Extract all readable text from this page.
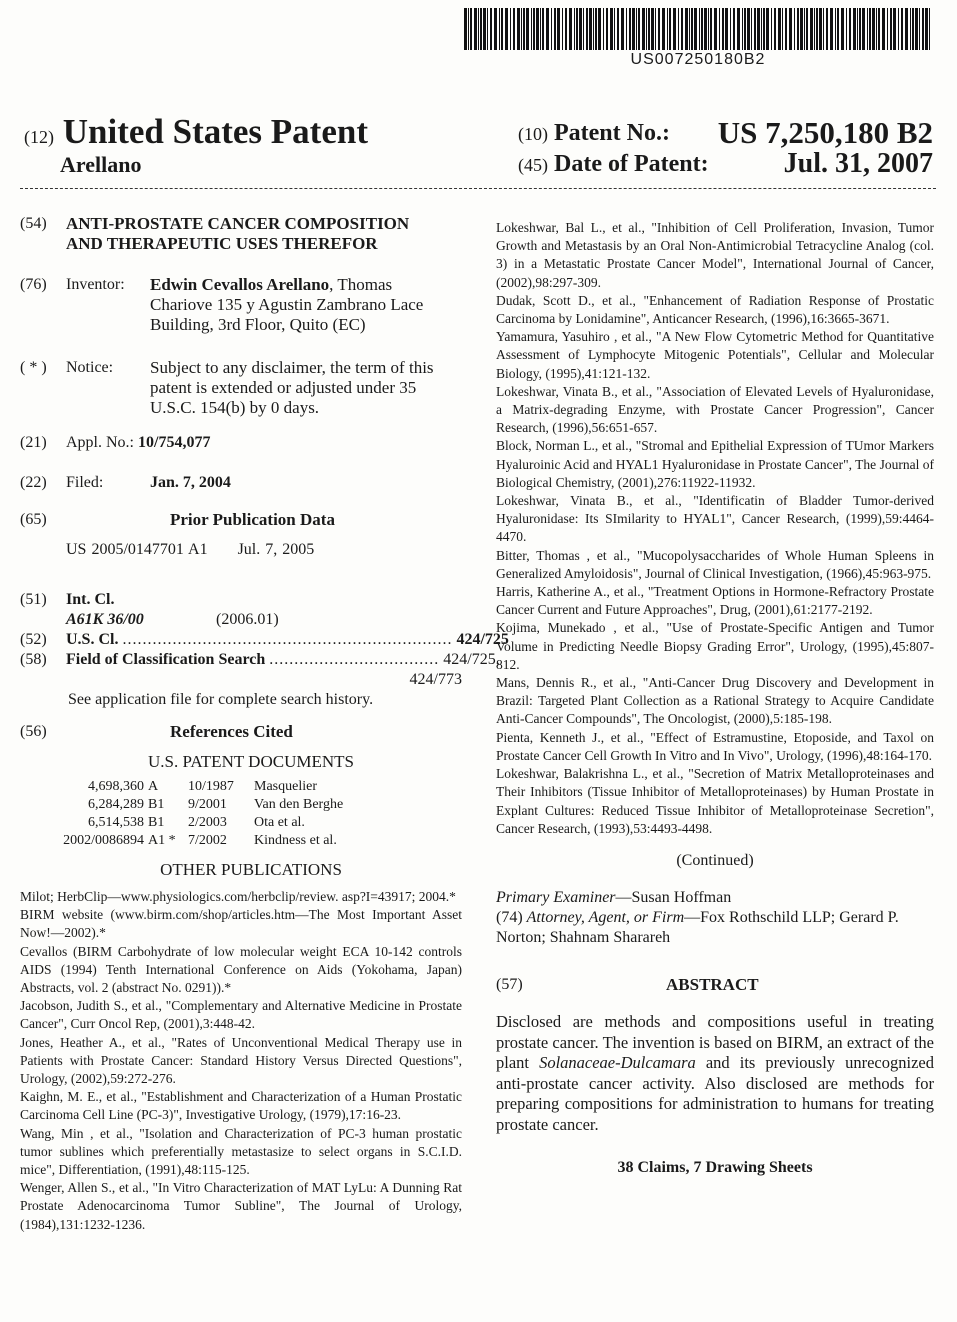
US007250180B2
(12) United States Patent
Arellano
(10) Patent No.: US 7,250,180 B2
(45) Date of Patent:	Jul. 31, 2007
(54)	ANTI-PROSTATE CANCER COMPOSITION
AND THERAPEUTIC USES THEREFOR
(76)	Inventor: Edwin Cevallos Arellano, Thomas
Chariove 135 y Agustin Zambrano Lace
Building, 3rd Floor, Quito (EC)
( * )	Notice: Subject to any disclaimer, the term of this
patent is extended or adjusted under 35
U.S.C. 154(b) by 0 days.
(21)	Appl. No.: 10/754,077
(22)	Filed:	Jan. 7, 2004
(65)	Prior Publication Data
US 2005/0147701 A1 Jul. 7, 2005
(51)	Int. Cl.
A61K 36/00	(2006.01)
(52)	U.S. Cl. .................................................................. 424/725
(58)	Field of Classification Search .................................. 424/725,
424/773
See application file for complete search history.
(56)	References Cited
U.S. PATENT DOCUMENTS
4,698,360 A	10/1987	Masquelier
6,284,289 B1	9/2001	Van den Berghe
6,514,538 B1	2/2003	Ota et al.
2002/0086894 A1 * 7/2002	Kindness et al.
OTHER PUBLICATIONS
Milot; HerbClip—www.physiologics.com/herbclip/review. asp?I=43917; 2004.*
BIRM website (www.birm.com/shop/articles.htm—The Most Important Asset Now!—2002).*
Cevallos (BIRM Carbohydrate of low molecular weight ECA 10-142 controls AIDS (1994) Tenth International Conference on Aids (Yokohama, Japan) Abstracts, vol. 2 (abstract No. 0291)).*
Jacobson, Judith S., et al., "Complementary and Alternative Medicine in Prostate Cancer", Curr Oncol Rep, (2001),3:448-42.
Jones, Heather A., et al., "Rates of Unconventional Medical Therapy use in Patients with Prostate Cancer: Standard History Versus Directed Questions", Urology, (2002),59:272-276.
Kaighn, M. E., et al., "Establishment and Characterization of a Human Prostatic Carcinoma Cell Line (PC-3)", Investigative Urology, (1979),17:16-23.
Wang, Min , et al., "Isolation and Characterization of PC-3 human prostatic tumor sublines which preferentially metastasize to select organs in S.C.I.D. mice", Differentiation, (1991),48:115-125.
Wenger, Allen S., et al., "In Vitro Characterization of MAT LyLu: A Dunning Rat Prostate Adenocarcinoma Tumor Subline", The Journal of Urology, (1984),131:1232-1236.
Lokeshwar, Bal L., et al., "Inhibition of Cell Proliferation, Invasion, Tumor Growth and Metastasis by an Oral Non-Antimicrobial Tetracycline Analog (col. 3) in a Metastatic Prostate Cancer Model", International Journal of Cancer, (2002),98:297-309.
Dudak, Scott D., et al., "Enhancement of Radiation Response of Prostatic Carcinoma by Lonidamine", Anticancer Research, (1996),16:3665-3671.
Yamamura, Yasuhiro , et al., "A New Flow Cytometric Method for Quantitative Assessment of Lymphocyte Mitogenic Potentials", Cellular and Molecular Biology, (1995),41:121-132.
Lokeshwar, Vinata B., et al., "Association of Elevated Levels of Hyaluronidase, a Matrix-degrading Enzyme, with Prostate Cancer Progression", Cancer Research, (1996),56:651-657.
Block, Norman L., et al., "Stromal and Epithelial Expression of TUmor Markers Hyaluroinic Acid and HYAL1 Hyaluronidase in Prostate Cancer", The Journal of Biological Chemistry, (2001),276:11922-11932.
Lokeshwar, Vinata B., et al., "Identificatin of Bladder Tumor-derived Hyaluronidase: Its SImilarity to HYAL1", Cancer Research, (1999),59:4464-4470.
Bitter, Thomas , et al., "Mucopolysaccharides of Whole Human Spleens in Generalized Amyloidosis", Journal of Clinical Investigation, (1966),45:963-975.
Harris, Katherine A., et al., "Treatment Options in Hormone-Refractory Prostate Cancer Current and Future Approaches", Drug, (2001),61:2177-2192.
Kojima, Munekado , et al., "Use of Prostate-Specific Antigen and Tumor Volume in Predicting Needle Biopsy Grading Error", Urology, (1995),45:807-812.
Mans, Dennis R., et al., "Anti-Cancer Drug Discovery and Development in Brazil: Targeted Plant Collection as a Rational Strategy to Acquire Candidate Anti-Cancer Compounds", The Oncologist, (2000),5:185-198.
Pienta, Kenneth J., et al., "Effect of Estramustine, Etoposide, and Taxol on Prostate Cancer Cell Growth In Vitro and In Vivo", Urology, (1996),48:164-170.
Lokeshwar, Balakrishna L., et al., "Secretion of Matrix Metalloproteinases and Their Inhibitors (Tissue Inhibitor of Metalloproteinases) by Human Prostate in Explant Cultures: Reduced Tissue Inhibitor of Metalloproteinase Secretion", Cancer Research, (1993),53:4493-4498.
(Continued)
Primary Examiner—Susan Hoffman
(74) Attorney, Agent, or Firm—Fox Rothschild LLP; Gerard P. Norton; Shahnam Sharareh
(57)	ABSTRACT
Disclosed are methods and compositions useful in treating prostate cancer. The invention is based on BIRM, an extract of the plant Solanaceae-Dulcamara and its previously unrecognized anti-prostate cancer activity. Also disclosed are methods for preparing compositions for administration to humans for treating prostate cancer.
38 Claims, 7 Drawing Sheets
